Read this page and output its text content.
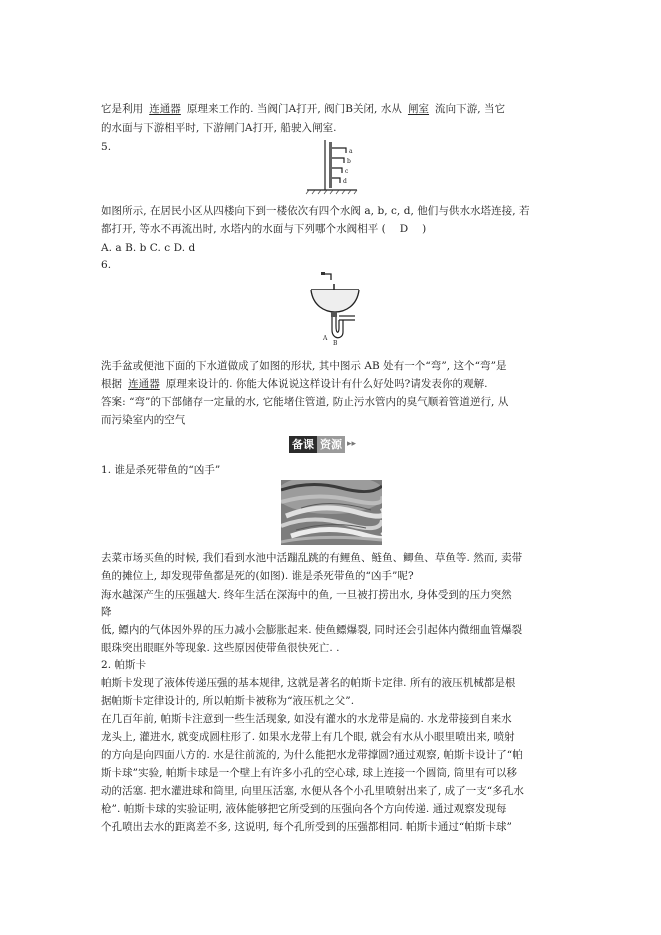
它是利用 连通器 原理来工作的. 当阀门A打开, 阀门B关闭, 水从 闸室 流向下游, 当它
的水面与下游相平时, 下游闸门A打开, 船驶入闸室.
5.	a
b
c
d
如图所示, 在居民小区从四楼向下到一楼依次有四个水阀 a, b, c, d, 他们与供水水塔连接, 若
都打开, 等水不再流出时, 水塔内的水面与下列哪个水阀相平 (　 D　 )
A. a B. b C. c D. d
6.
A
B
洗手盆或便池下面的下水道做成了如图的形状, 其中图示 AB 处有一个“弯”, 这个“弯”是
根据 连通器 原理来设计的. 你能大体说说这样设计有什么好处吗?请发表你的观解.
答案: “弯”的下部储存一定量的水, 它能堵住管道, 防止污水管内的臭气顺着管道逆行, 从
而污染室内的空气
备课 资源 ▸▸
1. 谁是杀死带鱼的“凶手”
去菜市场买鱼的时候, 我们看到水池中活蹦乱跳的有鲤鱼、鲢鱼、鲫鱼、草鱼等. 然而, 卖带
鱼的摊位上, 却发现带鱼都是死的(如图). 谁是杀死带鱼的“凶手”呢?
海水越深产生的压强越大. 终年生活在深海中的鱼, 一旦被打捞出水, 身体受到的压力突然
降
低, 鳔内的气体因外界的压力减小会膨胀起来. 使鱼鳔爆裂, 同时还会引起体内微细血管爆裂
眼珠突出眼眶外等现象. 这些原因使带鱼很快死亡. .
2. 帕斯卡
帕斯卡发现了液体传递压强的基本规律, 这就是著名的帕斯卡定律. 所有的液压机械都是根
据帕斯卡定律设计的, 所以帕斯卡被称为“液压机之父”.
在几百年前, 帕斯卡注意到一些生活现象, 如没有灌水的水龙带是扁的. 水龙带接到自来水
龙头上, 灌进水, 就变成圆柱形了. 如果水龙带上有几个眼, 就会有水从小眼里喷出来, 喷射
的方向是向四面八方的. 水是往前流的, 为什么能把水龙带撑圆?通过观察, 帕斯卡设计了“帕
斯卡球”实验, 帕斯卡球是一个壁上有许多小孔的空心球, 球上连接一个圆筒, 筒里有可以移
动的活塞. 把水灌进球和筒里, 向里压活塞, 水便从各个小孔里喷射出来了, 成了一支“多孔水
枪”. 帕斯卡球的实验证明, 液体能够把它所受到的压强向各个方向传递. 通过观察发现每
个孔喷出去水的距离差不多, 这说明, 每个孔所受到的压强都相同. 帕斯卡通过“帕斯卡球”
